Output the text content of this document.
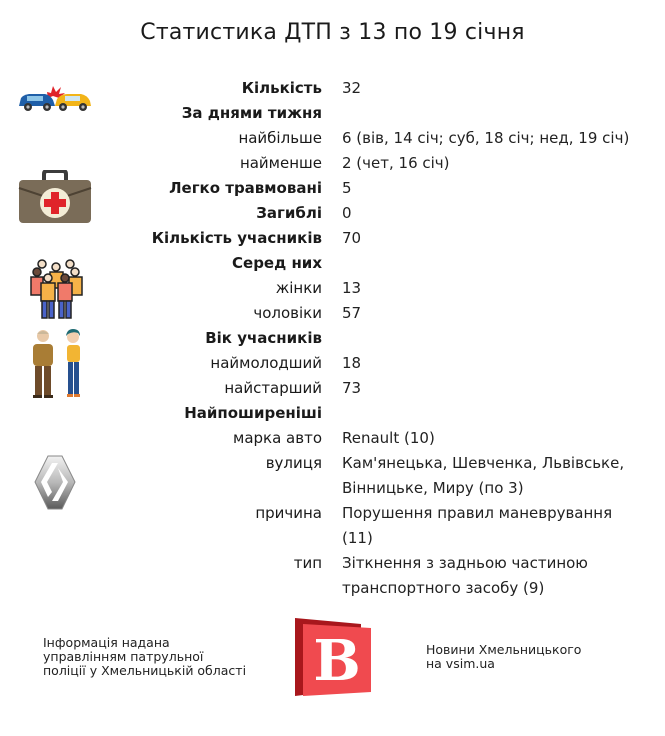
Статистика ДТП з 13 по 19 січня
Кількість 32
За днями тижня
найбільше 6 (вів, 14 січ; суб, 18 січ; нед, 19 січ)
найменше 2 (чет, 16 січ)
Легко травмовані 5
Загиблі 0
Кількість учасників 70
Серед них
жінки 13
чоловіки 57
Вік учасників
наймолодший 18
найстарший 73
Найпоширеніші
марка авто Renault (10)
вулиця Кам'янецька, Шевченка, Львівське, Вінницьке, Миру (по 3)
причина Порушення правил маневрування (11)
тип Зіткнення з задньою частиною транспортного засобу (9)
Інформація надана
управлінням патрульної
поліції у Хмельницькій області В	Новини Хмельницького
на vsim.ua
